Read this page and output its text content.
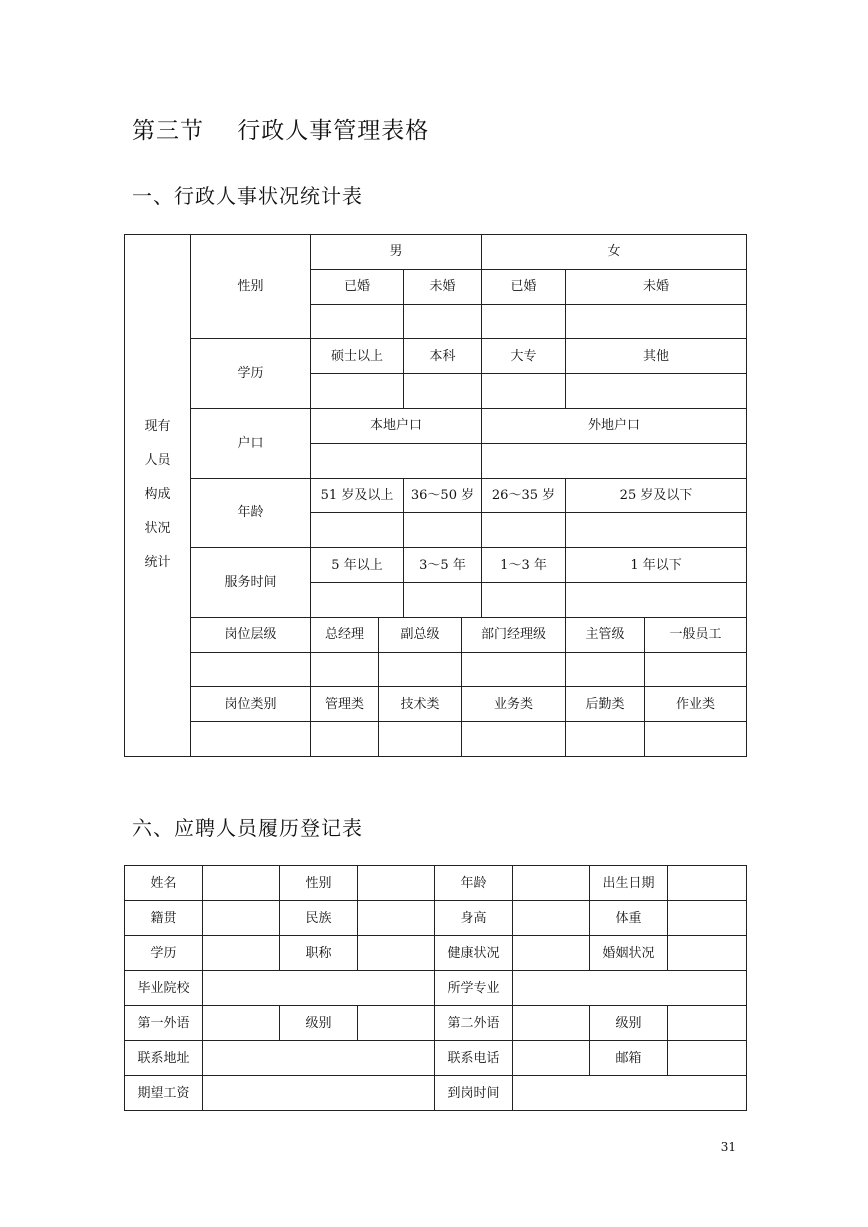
第三节    行政人事管理表格
一、行政人事状况统计表
现有
人员
构成
状况
统计	性别	男				女		
		已婚		未婚		已婚	未婚	

	学历	硕士以上		本科		大专	其他	

	户口	本地户口				外地户口		

	年龄	51 岁及以上		36～50 岁		26～35 岁	25 岁及以下	

	服务时间	5 年以上		3～5 年		1～3 年	1 年以下	

	岗位层级	总经理	副总级		部门经理级		主管级	一般员工

	岗位类别	管理类	技术类		业务类		后勤类	作业类

六、应聘人员履历登记表
姓名		性别		年龄		出生日期	
籍贯		民族		身高		体重	
学历		职称		健康状况		婚姻状况	
毕业院校				所学专业			
第一外语		级别		第二外语		级别	
联系地址				联系电话		邮箱	
期望工资				到岗时间			
31
